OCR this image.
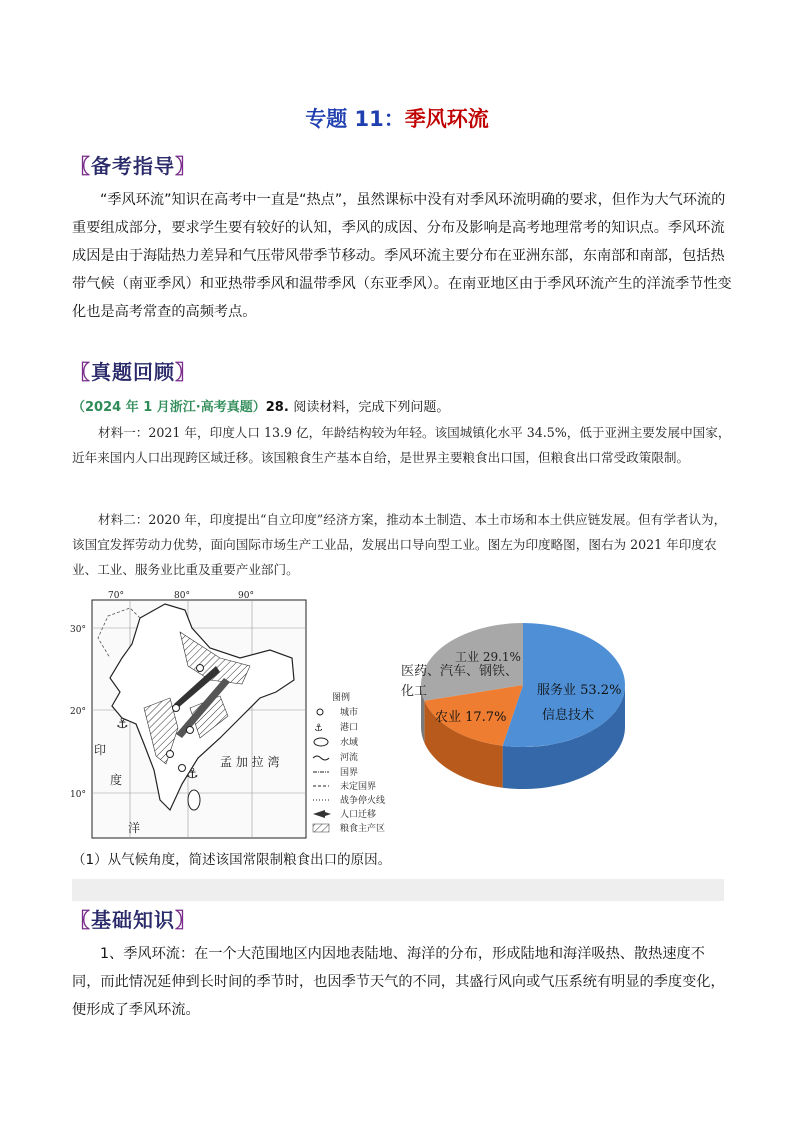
专题 11：季风环流
〖备考指导〗
“季风环流”知识在高考中一直是“热点”，虽然课标中没有对季风环流明确的要求，但作为大气环流的重要组成部分，要求学生要有较好的认知，季风的成因、分布及影响是高考地理常考的知识点。季风环流成因是由于海陆热力差异和气压带风带季节移动。季风环流主要分布在亚洲东部，东南部和南部，包括热带气候（南亚季风）和亚热带季风和温带季风（东亚季风）。在南亚地区由于季风环流产生的洋流季节性变化也是高考常查的高频考点。
〖真题回顾〗
（2024 年 1 月浙江·高考真题）28. 阅读材料，完成下列问题。
材料一：2021 年，印度人口 13.9 亿，年龄结构较为年轻。该国城镇化水平 34.5%，低于亚洲主要发展中国家，近年来国内人口出现跨区域迁移。该国粮食生产基本自给，是世界主要粮食出口国，但粮食出口常受政策限制。
材料二：2020 年，印度提出“自立印度”经济方案，推动本土制造、本土市场和本土供应链发展。但有学者认为，该国宜发挥劳动力优势，面向国际市场生产工业品，发展出口导向型工业。图左为印度略图，图右为 2021 年印度农业、工业、服务业比重及重要产业部门。
⚓
⚓
70°	80°	90°
30°
20°
10°
印
度
洋
孟 加 拉 湾
图例
城市
⚓ 港口
水域
河流
国界
未定国界
战争停火线
人口迁移
粮食主产区
工业 29.1%
医药、汽车、钢铁、
化工	服务业 53.2%
信息技术
农业 17.7%
（1）从气候角度，简述该国常限制粮食出口的原因。
〖基础知识〗
1、季风环流：在一个大范围地区内因地表陆地、海洋的分布，形成陆地和海洋吸热、散热速度不同，而此情况延伸到长时间的季节时，也因季节天气的不同，其盛行风向或气压系统有明显的季度变化，便形成了季风环流。
